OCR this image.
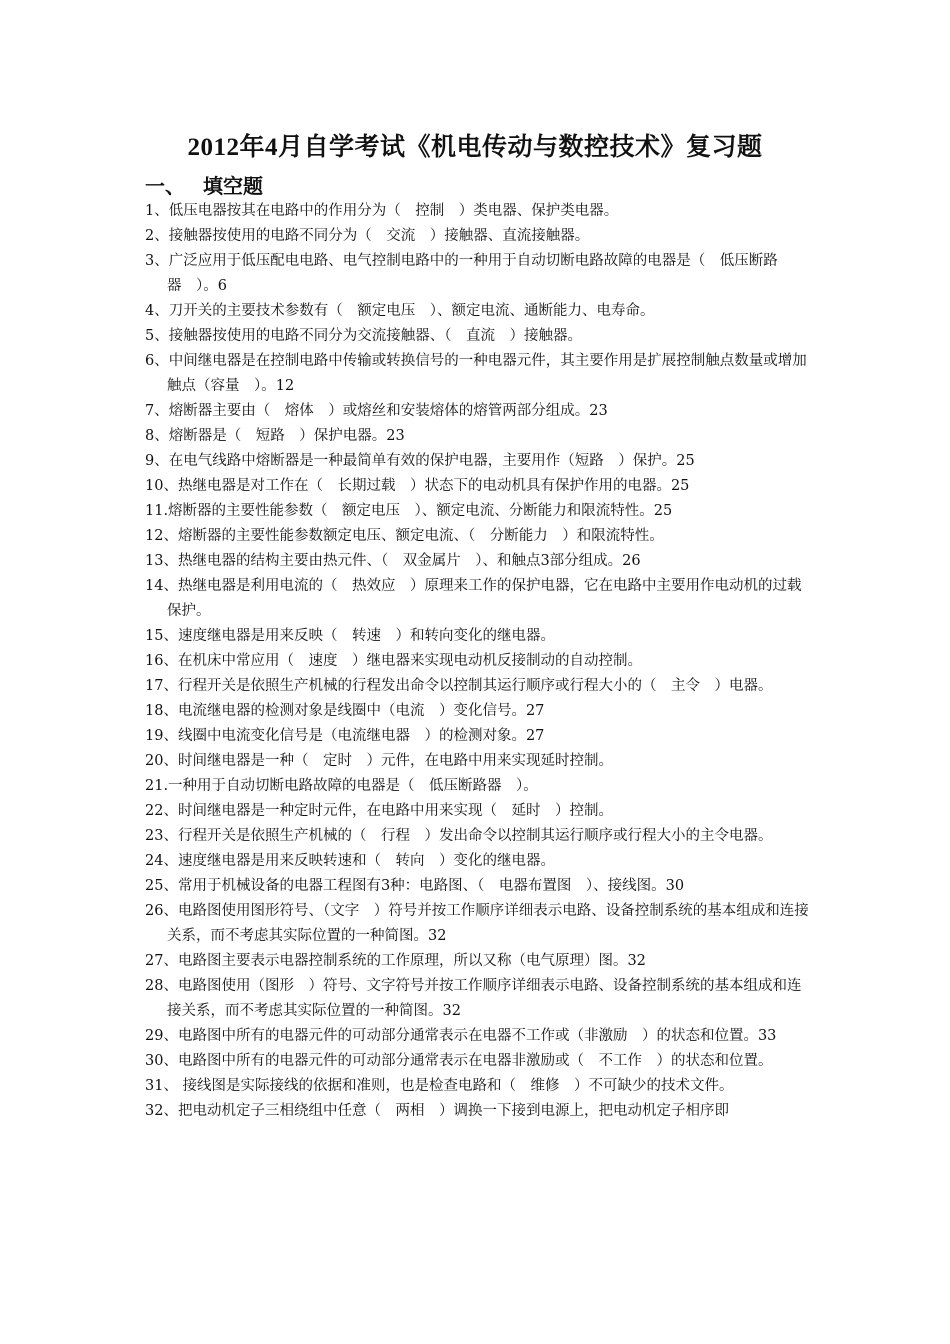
2012年4月自学考试《机电传动与数控技术》复习题
一、 填空题
1、低压电器按其在电路中的作用分为（　控制　）类电器、保护类电器。
2、接触器按使用的电路不同分为（　交流　）接触器、直流接触器。
3、广泛应用于低压配电电路、电气控制电路中的一种用于自动切断电路故障的电器是（　低压断路器　）。6
4、刀开关的主要技术参数有（　额定电压　）、额定电流、通断能力、电寿命。
5、接触器按使用的电路不同分为交流接触器、（　直流　）接触器。
6、中间继电器是在控制电路中传输或转换信号的一种电器元件，其主要作用是扩展控制触点数量或增加触点（容量　）。12
7、熔断器主要由（　熔体　）或熔丝和安装熔体的熔管两部分组成。23
8、熔断器是（　短路　）保护电器。23
9、在电气线路中熔断器是一种最简单有效的保护电器，主要用作（短路　）保护。25
10、热继电器是对工作在（　长期过载　）状态下的电动机具有保护作用的电器。25
11.熔断器的主要性能参数（　额定电压　）、额定电流、分断能力和限流特性。25
12、熔断器的主要性能参数额定电压、额定电流、（　分断能力　）和限流特性。
13、热继电器的结构主要由热元件、（　双金属片　）、和触点3部分组成。26
14、热继电器是利用电流的（　热效应　）原理来工作的保护电器，它在电路中主要用作电动机的过载保护。
15、速度继电器是用来反映（　转速　）和转向变化的继电器。
16、在机床中常应用（　速度　）继电器来实现电动机反接制动的自动控制。
17、行程开关是依照生产机械的行程发出命令以控制其运行顺序或行程大小的（　主令　）电器。
18、电流继电器的检测对象是线圈中（电流　）变化信号。27
19、线圈中电流变化信号是（电流继电器　）的检测对象。27
20、时间继电器是一种（　定时　）元件，在电路中用来实现延时控制。
21.一种用于自动切断电路故障的电器是（　低压断路器　）。
22、时间继电器是一种定时元件，在电路中用来实现（　延时　）控制。
23、行程开关是依照生产机械的（　行程　）发出命令以控制其运行顺序或行程大小的主令电器。
24、速度继电器是用来反映转速和（　转向　）变化的继电器。
25、常用于机械设备的电器工程图有3种：电路图、（　电器布置图　）、接线图。30
26、电路图使用图形符号、（文字　）符号并按工作顺序详细表示电路、设备控制系统的基本组成和连接关系，而不考虑其实际位置的一种简图。32
27、电路图主要表示电器控制系统的工作原理，所以又称（电气原理）图。32
28、电路图使用（图形　）符号、文字符号并按工作顺序详细表示电路、设备控制系统的基本组成和连接关系，而不考虑其实际位置的一种简图。32
29、电路图中所有的电器元件的可动部分通常表示在电器不工作或（非激励　）的状态和位置。33
30、电路图中所有的电器元件的可动部分通常表示在电器非激励或（　不工作　）的状态和位置。
31、 接线图是实际接线的依据和准则，也是检查电路和（　维修　）不可缺少的技术文件。
32、把电动机定子三相绕组中任意（　两相　）调换一下接到电源上，把电动机定子相序即
